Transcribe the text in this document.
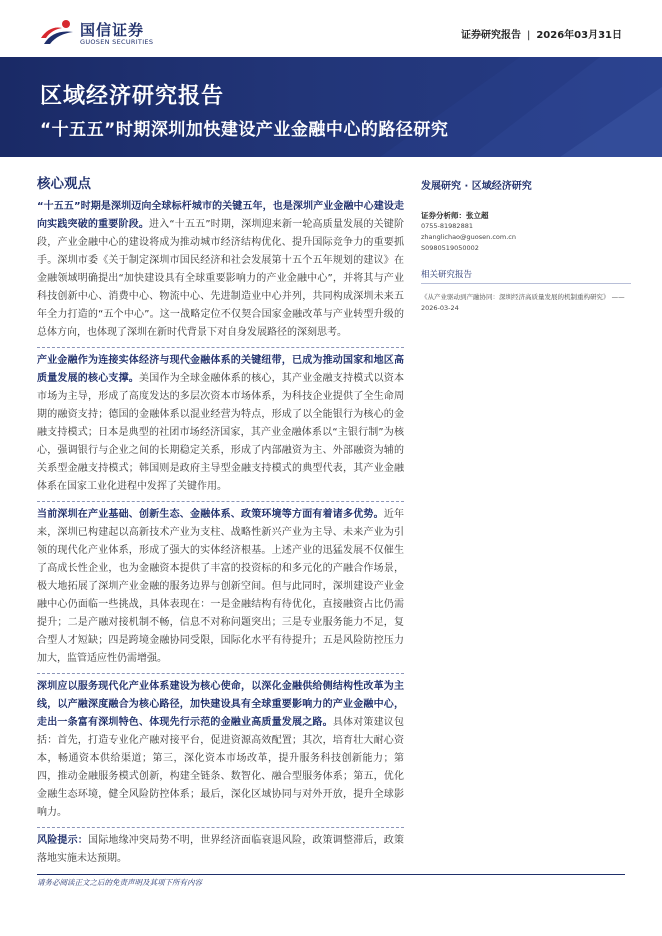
国信证券
GUOSEN SECURITIES
证券研究报告 | 2026年03月31日
区域经济研究报告
“十五五”时期深圳加快建设产业金融中心的路径研究
核心观点

“十五五”时期是深圳迈向全球标杆城市的关键五年，也是深圳产业金融中心建设走向实践突破的重要阶段。进入“十五五”时期，深圳迎来新一轮高质量发展的关键阶段，产业金融中心的建设将成为推动城市经济结构优化、提升国际竞争力的重要抓手。深圳市委《关于制定深圳市国民经济和社会发展第十五个五年规划的建议》在金融领域明确提出“加快建设具有全球重要影响力的产业金融中心”，并将其与产业科技创新中心、消费中心、物流中心、先进制造业中心并列，共同构成深圳未来五年全力打造的“五个中心”。这一战略定位不仅契合国家金融改革与产业转型升级的总体方向，也体现了深圳在新时代背景下对自身发展路径的深刻思考。

产业金融作为连接实体经济与现代金融体系的关键纽带，已成为推动国家和地区高质量发展的核心支撑。美国作为全球金融体系的核心，其产业金融支持模式以资本市场为主导，形成了高度发达的多层次资本市场体系，为科技企业提供了全生命周期的融资支持；德国的金融体系以混业经营为特点，形成了以全能银行为核心的金融支持模式；日本是典型的社团市场经济国家，其产业金融体系以“主银行制”为核心，强调银行与企业之间的长期稳定关系，形成了内部融资为主、外部融资为辅的关系型金融支持模式；韩国则是政府主导型金融支持模式的典型代表，其产业金融体系在国家工业化进程中发挥了关键作用。

当前深圳在产业基础、创新生态、金融体系、政策环境等方面有着诸多优势。近年来，深圳已构建起以高新技术产业为支柱、战略性新兴产业为主导、未来产业为引领的现代化产业体系，形成了强大的实体经济根基。上述产业的迅猛发展不仅催生了高成长性企业，也为金融资本提供了丰富的投资标的和多元化的产融合作场景，极大地拓展了深圳产业金融的服务边界与创新空间。但与此同时，深圳建设产业金融中心仍面临一些挑战，具体表现在：一是金融结构有待优化，直接融资占比仍需提升；二是产融对接机制不畅，信息不对称问题突出；三是专业服务能力不足，复合型人才短缺；四是跨境金融协同受限，国际化水平有待提升；五是风险防控压力加大，监管适应性仍需增强。

深圳应以服务现代化产业体系建设为核心使命，以深化金融供给侧结构性改革为主线，以产融深度融合为核心路径，加快建设具有全球重要影响力的产业金融中心，走出一条富有深圳特色、体现先行示范的金融业高质量发展之路。具体对策建议包括：首先，打造专业化产融对接平台，促进资源高效配置；其次，培育壮大耐心资本，畅通资本供给渠道；第三，深化资本市场改革，提升服务科技创新能力；第四，推动金融服务模式创新，构建全链条、数智化、融合型服务体系；第五，优化金融生态环境，健全风险防控体系；最后，深化区域协同与对外开放，提升全球影响力。

风险提示：国际地缘冲突局势不明，世界经济面临衰退风险，政策调整滞后，政策落地实施未达预期。

发展研究 · 区域经济研究
证券分析师：张立超
0755-81982881
zhanglichao@guosen.com.cn
S0980519050002
相关研究报告
《从产业驱动到产融协同：深圳经济高质量发展的机制重构研究》 ——2026-03-24
请务必阅读正文之后的免责声明及其项下所有内容
